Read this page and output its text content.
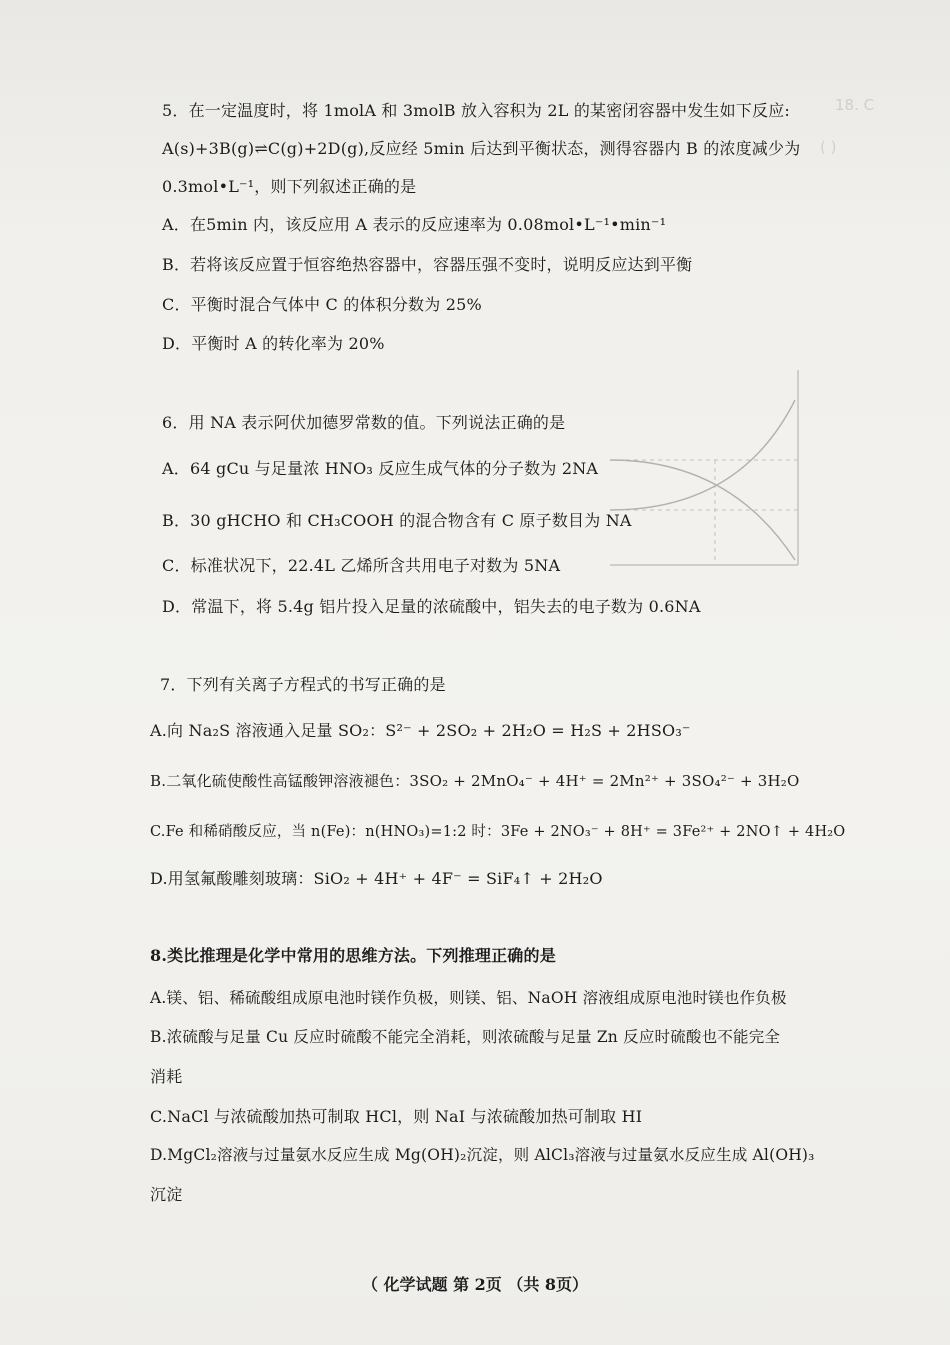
18. C
( )
5．在一定温度时，将 1molA 和 3molB 放入容积为 2L 的某密闭容器中发生如下反应:
A(s)+3B(g)⇌C(g)+2D(g),反应经 5min 后达到平衡状态，测得容器内 B 的浓度减少为
0.3mol•L⁻¹，则下列叙述正确的是
A．在5min 内，该反应用 A 表示的反应速率为 0.08mol•L⁻¹•min⁻¹
B．若将该反应置于恒容绝热容器中，容器压强不变时，说明反应达到平衡
C．平衡时混合气体中 C 的体积分数为 25%
D．平衡时 A 的转化率为 20%
6．用 NA 表示阿伏加德罗常数的值。下列说法正确的是
A．64 gCu 与足量浓 HNO₃ 反应生成气体的分子数为 2NA
B．30 gHCHO 和 CH₃COOH 的混合物含有 C 原子数目为 NA
C．标准状况下，22.4L 乙烯所含共用电子对数为 5NA
D．常温下，将 5.4g 铝片投入足量的浓硫酸中，铝失去的电子数为 0.6NA
7．下列有关离子方程式的书写正确的是
A.向 Na₂S 溶液通入足量 SO₂：S²⁻ + 2SO₂ + 2H₂O = H₂S + 2HSO₃⁻
B.二氧化硫使酸性高锰酸钾溶液褪色：3SO₂ + 2MnO₄⁻ + 4H⁺ = 2Mn²⁺ + 3SO₄²⁻ + 3H₂O
C.Fe 和稀硝酸反应，当 n(Fe)：n(HNO₃)=1:2 时：3Fe + 2NO₃⁻ + 8H⁺ = 3Fe²⁺ + 2NO↑ + 4H₂O
D.用氢氟酸雕刻玻璃：SiO₂ + 4H⁺ + 4F⁻ = SiF₄↑ + 2H₂O
8.类比推理是化学中常用的思维方法。下列推理正确的是
A.镁、铝、稀硫酸组成原电池时镁作负极，则镁、铝、NaOH 溶液组成原电池时镁也作负极
B.浓硫酸与足量 Cu 反应时硫酸不能完全消耗，则浓硫酸与足量 Zn 反应时硫酸也不能完全
消耗
C.NaCl 与浓硫酸加热可制取 HCl，则 NaI 与浓硫酸加热可制取 HI
D.MgCl₂溶液与过量氨水反应生成 Mg(OH)₂沉淀，则 AlCl₃溶液与过量氨水反应生成 Al(OH)₃
沉淀
（ 化学试题 第 2页 （共 8页）
